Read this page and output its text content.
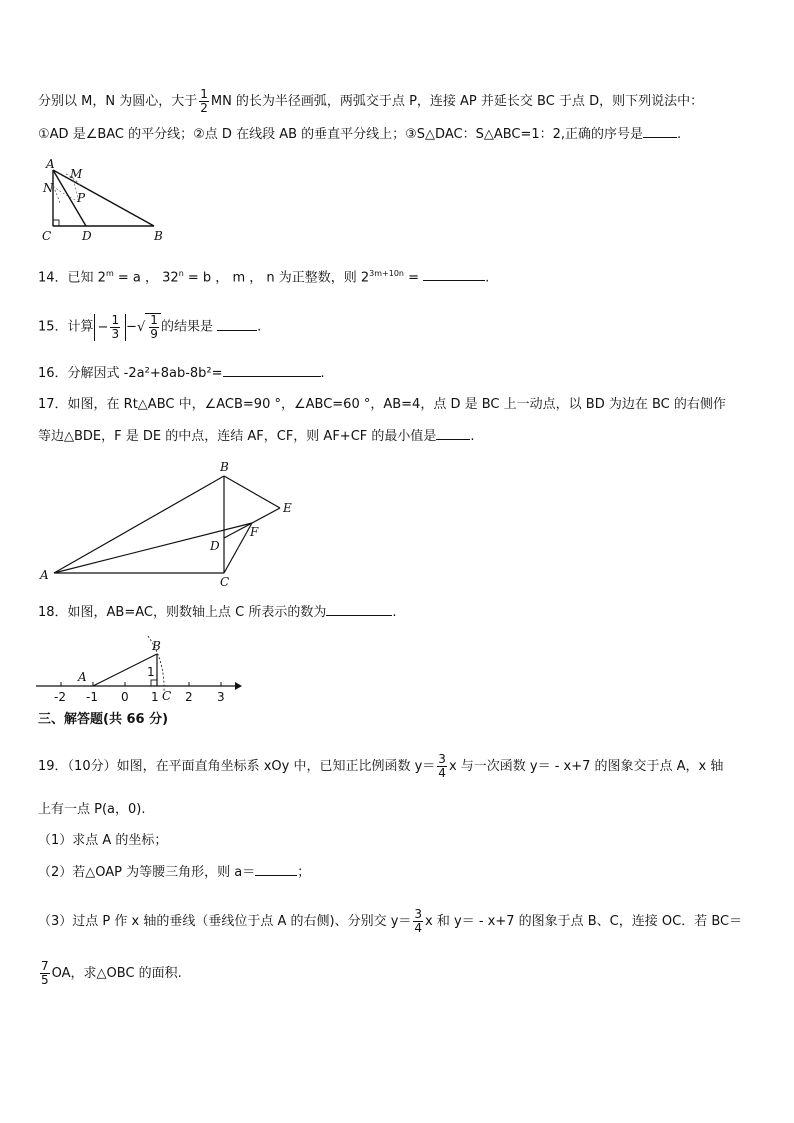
分别以 M，N 为圆心，大于 $\frac{1}{2}$ MN 的长为半径画弧，两弧交于点 P，连接 AP 并延长交 BC 于点 D，则下列说法中：
①AD 是∠BAC 的平分线；②点 D 在线段 AB 的垂直平分线上；③S△DAC：S△ABC=1：2,正确的序号是	.
A
M
N
P
C	D	B
14．已知 $2^m = a$ ， $32^n = b$ ， m ， n 为正整数，则 $2^{3m+10n}$ =	.
15．计算 − $\frac{1}{3}$ −√ $\frac{1}{9}$ 的结果是	.
16．分解因式 -2a²+8ab-8b²=	.
17．如图，在 Rt△ABC 中，∠ACB=90 °，∠ABC=60 °，AB=4，点 D 是 BC 上一动点，以 BD 为边在 BC 的右侧作
等边△BDE，F 是 DE 的中点，连结 AF，CF，则 AF+CF 的最小值是	.
B
E
F
D
A	C
18．如图，AB=AC，则数轴上点 C 所表示的数为	.
B
A	1
C
-2 -1 0 1 2 3
三、解答题(共 66 分)
19．（10分）如图，在平面直角坐标系 xOy 中，已知正比例函数 $y= \frac{3}{4}$ x 与一次函数 y＝ - x+7 的图象交于点 A，x 轴
上有一点 P(a，0).
（1）求点 A 的坐标；
（2）若△OAP 为等腰三角形，则 a＝	；
（3）过点 P 作 x 轴的垂线（垂线位于点 A 的右侧)、分别交 $y= \frac{3}{4}$ x 和 y＝ - x+7 的图象于点 B、C，连接 OC．若 BC＝
$\frac{7}{5}$ OA，求△OBC 的面积.
